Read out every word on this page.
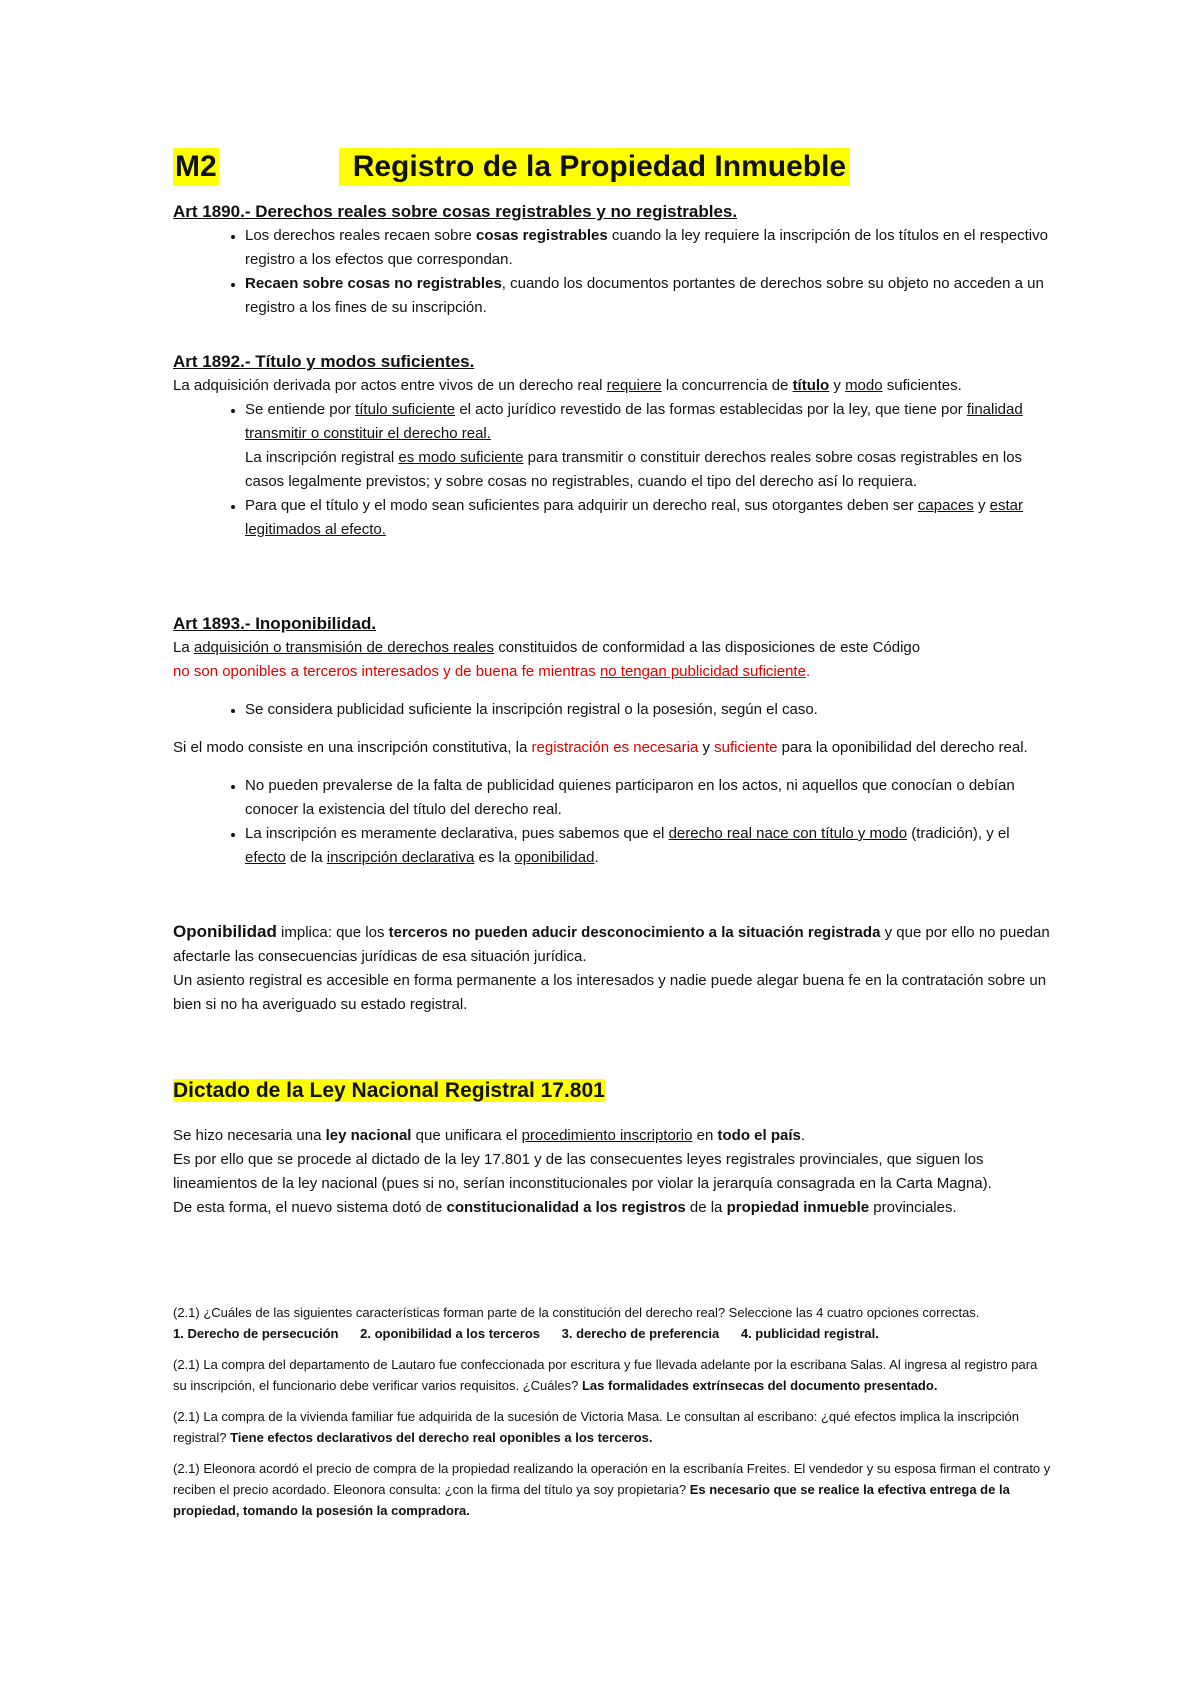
M2	Registro de la Propiedad Inmueble

Art 1890.- Derechos reales sobre cosas registrables y no registrables.

• Los derechos reales recaen sobre cosas registrables cuando la ley requiere la inscripción de los títulos en el respectivo registro a los efectos que correspondan.
• Recaen sobre cosas no registrables, cuando los documentos portantes de derechos sobre su objeto no acceden a un registro a los fines de su inscripción.

Art 1892.- Título y modos suficientes.

La adquisición derivada por actos entre vivos de un derecho real requiere la concurrencia de título y modo suficientes.

• Se entiende por título suficiente el acto jurídico revestido de las formas establecidas por la ley, que tiene por finalidad transmitir o constituir el derecho real.
La inscripción registral es modo suficiente para transmitir o constituir derechos reales sobre cosas registrables en los casos legalmente previstos; y sobre cosas no registrables, cuando el tipo del derecho así lo requiera.
• Para que el título y el modo sean suficientes para adquirir un derecho real, sus otorgantes deben ser capaces y estar legitimados al efecto.

Art 1893.- Inoponibilidad.

La adquisición o transmisión de derechos reales constituidos de conformidad a las disposiciones de este Código
no son oponibles a terceros interesados y de buena fe mientras no tengan publicidad suficiente.

• Se considera publicidad suficiente la inscripción registral o la posesión, según el caso.

Si el modo consiste en una inscripción constitutiva, la registración es necesaria y suficiente para la oponibilidad del derecho real.

• No pueden prevalerse de la falta de publicidad quienes participaron en los actos, ni aquellos que conocían o debían conocer la existencia del título del derecho real.
• La inscripción es meramente declarativa, pues sabemos que el derecho real nace con título y modo (tradición), y el efecto de la inscripción declarativa es la oponibilidad.

Oponibilidad implica: que los terceros no pueden aducir desconocimiento a la situación registrada y que por ello no puedan afectarle las consecuencias jurídicas de esa situación jurídica.

Un asiento registral es accesible en forma permanente a los interesados y nadie puede alegar buena fe en la contratación sobre un bien si no ha averiguado su estado registral.

Dictado de la Ley Nacional Registral 17.801

Se hizo necesaria una ley nacional que unificara el procedimiento inscriptorio en todo el país.

Es por ello que se procede al dictado de la ley 17.801 y de las consecuentes leyes registrales provinciales, que siguen los lineamientos de la ley nacional (pues si no, serían inconstitucionales por violar la jerarquía consagrada en la Carta Magna).

De esta forma, el nuevo sistema dotó de constitucionalidad a los registros de la propiedad inmueble provinciales.

(2.1) ¿Cuáles de las siguientes características forman parte de la constitución del derecho real? Seleccione las 4 cuatro opciones correctas. 1. Derecho de persecución      2. oponibilidad a los terceros      3. derecho de preferencia      4. publicidad registral.

(2.1) La compra del departamento de Lautaro fue confeccionada por escritura y fue llevada adelante por la escribana Salas. Al ingresa al registro para su inscripción, el funcionario debe verificar varios requisitos. ¿Cuáles? Las formalidades extrínsecas del documento presentado.

(2.1) La compra de la vivienda familiar fue adquirida de la sucesión de Victoria Masa. Le consultan al escribano: ¿qué efectos implica la inscripción registral? Tiene efectos declarativos del derecho real oponibles a los terceros.

(2.1) Eleonora acordó el precio de compra de la propiedad realizando la operación en la escribanía Freites. El vendedor y su esposa firman el contrato y reciben el precio acordado. Eleonora consulta: ¿con la firma del título ya soy propietaria? Es necesario que se realice la efectiva entrega de la propiedad, tomando la posesión la compradora.
